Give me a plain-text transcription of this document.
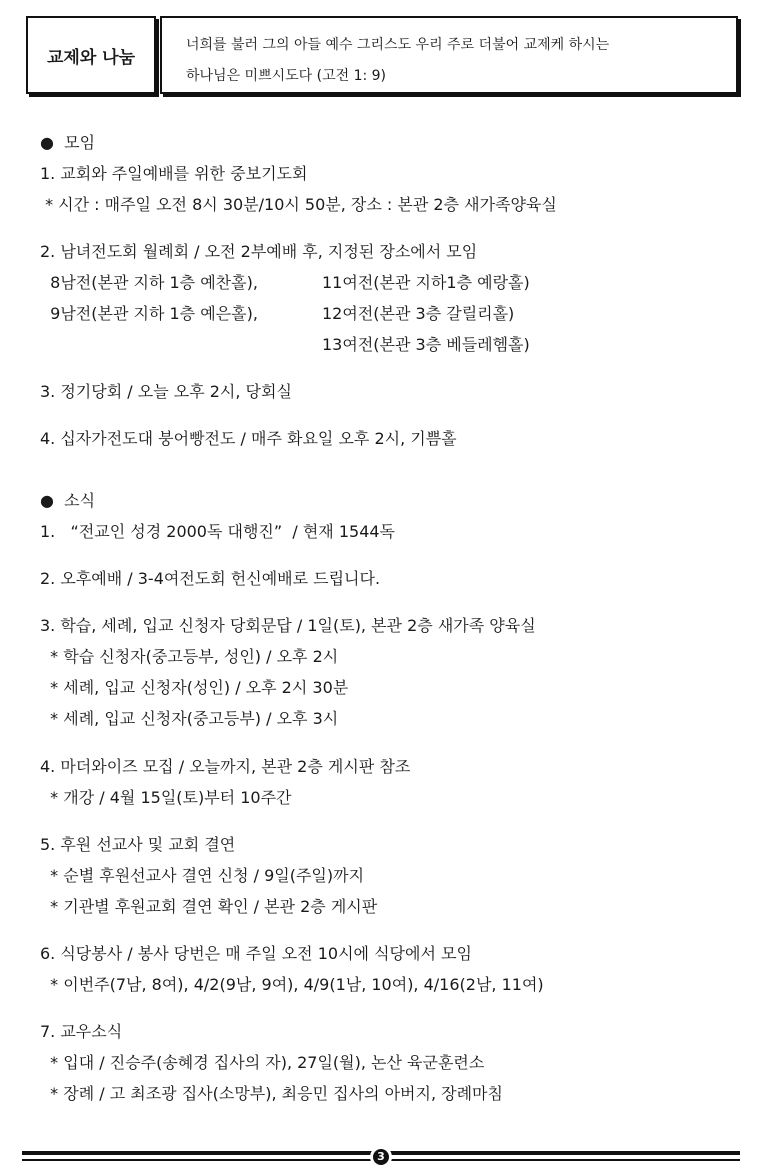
교제와 나눔
너희를 불러 그의 아들 예수 그리스도 우리 주로 더불어 교제케 하시는
하나님은 미쁘시도다 (고전 1: 9)
●  모임
1. 교회와 주일예배를 위한 중보기도회
* 시간 : 매주일 오전 8시 30분/10시 50분, 장소 : 본관 2층 새가족양육실
2. 남녀전도회 월례회 / 오전 2부예배 후, 지정된 장소에서 모임
8남전(본관 지하 1층 예찬홀),	11여전(본관 지하1층 예랑홀)
9남전(본관 지하 1층 예은홀),	12여전(본관 3층 갈릴리홀)
13여전(본관 3층 베들레헴홀)
3. 정기당회 / 오늘 오후 2시, 당회실
4. 십자가전도대 붕어빵전도 / 매주 화요일 오후 2시, 기쁨홀
●  소식
1.   “전교인 성경 2000독 대행진”  / 현재 1544독
2. 오후예배 / 3-4여전도회 헌신예배로 드립니다.
3. 학습, 세례, 입교 신청자 당회문답 / 1일(토), 본관 2층 새가족 양육실
* 학습 신청자(중고등부, 성인) / 오후 2시
* 세례, 입교 신청자(성인) / 오후 2시 30분
* 세례, 입교 신청자(중고등부) / 오후 3시
4. 마더와이즈 모집 / 오늘까지, 본관 2층 게시판 참조
* 개강 / 4월 15일(토)부터 10주간
5. 후원 선교사 및 교회 결연
* 순별 후원선교사 결연 신청 / 9일(주일)까지
* 기관별 후원교회 결연 확인 / 본관 2층 게시판
6. 식당봉사 / 봉사 당번은 매 주일 오전 10시에 식당에서 모임
* 이번주(7남, 8여), 4/2(9남, 9여), 4/9(1남, 10여), 4/16(2남, 11여)
7. 교우소식
* 입대 / 진승주(송혜경 집사의 자), 27일(월), 논산 육군훈련소
* 장례 / 고 최조광 집사(소망부), 최응민 집사의 아버지, 장례마침
3
